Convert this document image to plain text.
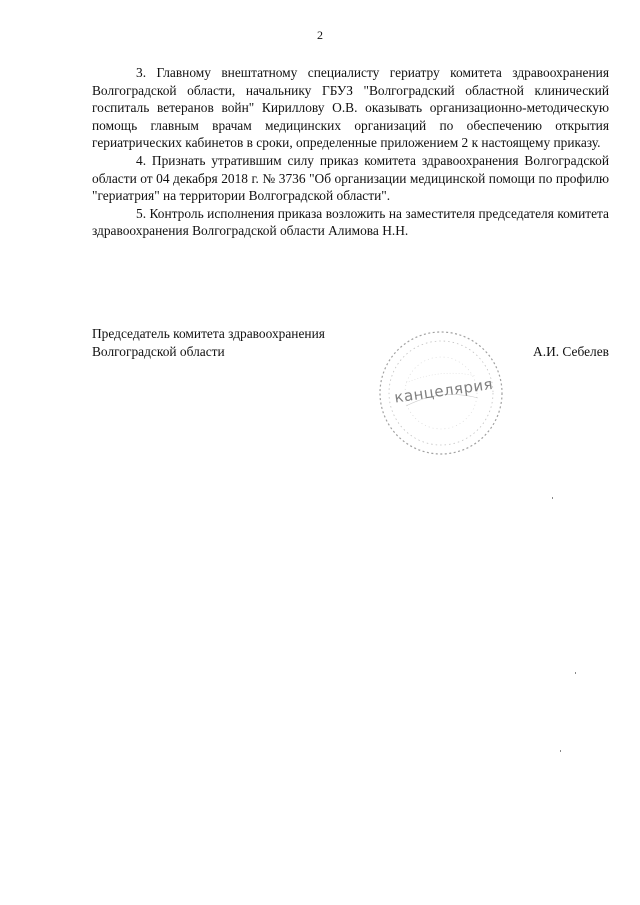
2

3. Главному внештатному специалисту гериатру комитета здравоохранения Волгоградской области, начальнику ГБУЗ "Волгоградский областной клинический госпиталь ветеранов войн" Кириллову О.В. оказывать организационно-методическую помощь главным врачам медицинских организаций по обеспечению открытия гериатрических кабинетов в сроки, определенные приложением 2 к настоящему приказу.

4. Признать утратившим силу приказ комитета здравоохранения Волгоградской области от 04 декабря 2018 г. № 3736 "Об организации медицинской помощи по профилю "гериатрия" на территории Волгоградской области".

5. Контроль исполнения приказа возложить на заместителя председателя комитета здравоохранения Волгоградской области Алимова Н.Н.

Председатель комитета здравоохранения
Волгоградской области	А.И. Себелев
канцелярия
